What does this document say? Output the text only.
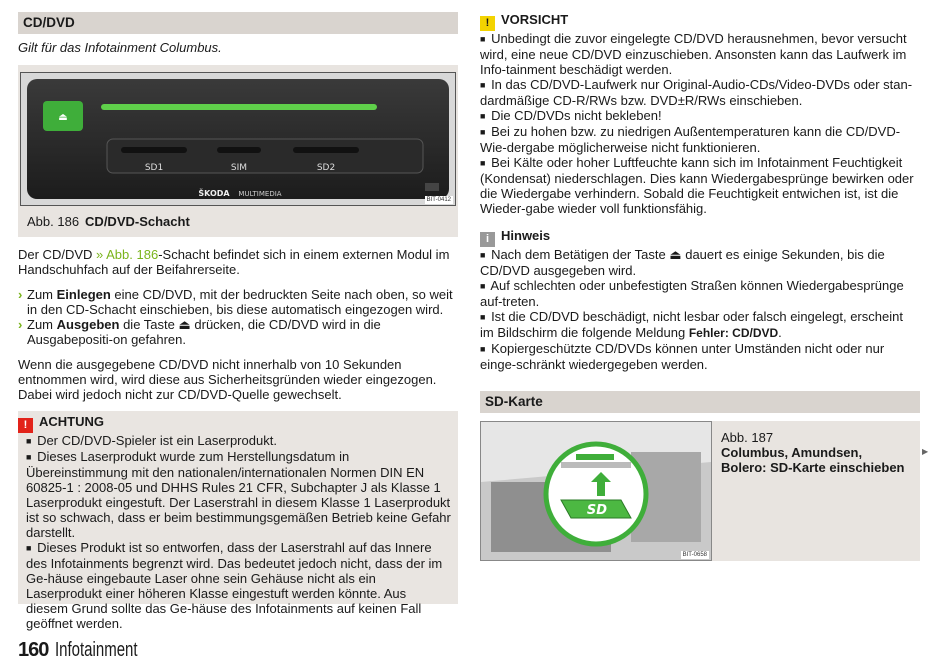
CD/DVD
Gilt für das Infotainment Columbus.
⏏
SD1	SIM	SD2
ŠKODA MULTIMEDIA
BIT-0412
Abb. 186 CD/DVD-Schacht

Der CD/DVD » Abb. 186-Schacht befindet sich in einem externen Modul im Handschuhfach auf der Beifahrerseite.

› Zum Einlegen eine CD/DVD, mit der bedruckten Seite nach oben, so weit in den CD-Schacht einschieben, bis diese automatisch eingezogen wird.
› Zum Ausgeben die Taste ⏏ drücken, die CD/DVD wird in die Ausgabepositi-on gefahren.

Wenn die ausgegebene CD/DVD nicht innerhalb von 10 Sekunden entnommen wird, wird diese aus Sicherheitsgründen wieder eingezogen. Dabei wird jedoch nicht zur CD/DVD-Quelle gewechselt.

! ACHTUNG
■ Der CD/DVD-Spieler ist ein Laserprodukt.
■ Dieses Laserprodukt wurde zum Herstellungsdatum in Übereinstimmung mit den nationalen/internationalen Normen DIN EN 60825-1 : 2008-05 und DHHS Rules 21 CFR, Subchapter J als Klasse 1 Laserprodukt eingestuft. Der Laserstrahl in diesem Klasse 1 Laserprodukt ist so schwach, dass er beim bestimmungsgemäßen Betrieb keine Gefahr darstellt.
■ Dieses Produkt ist so entworfen, dass der Laserstrahl auf das Innere des Infotainments begrenzt wird. Das bedeutet jedoch nicht, dass der im Ge-häuse eingebaute Laser ohne sein Gehäuse nicht als ein Laserprodukt einer höheren Klasse eingestuft werden könnte. Aus diesem Grund sollte das Ge-häuse des Infotainments auf keinen Fall geöffnet werden.
! VORSICHT
■ Unbedingt die zuvor eingelegte CD/DVD herausnehmen, bevor versucht wird, eine neue CD/DVD einzuschieben. Ansonsten kann das Laufwerk im Info-tainment beschädigt werden.
■ In das CD/DVD-Laufwerk nur Original-Audio-CDs/Video-DVDs oder stan-dardmäßige CD-R/RWs bzw. DVD±R/RWs einschieben.
■ Die CD/DVDs nicht bekleben!
■ Bei zu hohen bzw. zu niedrigen Außentemperaturen kann die CD/DVD-Wie-dergabe möglicherweise nicht funktionieren.
■ Bei Kälte oder hoher Luftfeuchte kann sich im Infotainment Feuchtigkeit (Kondensat) niederschlagen. Dies kann Wiedergabesprünge bewirken oder die Wiedergabe verhindern. Sobald die Feuchtigkeit entwichen ist, ist die Wieder-gabe wieder voll funktionsfähig.
i Hinweis
■ Nach dem Betätigen der Taste ⏏ dauert es einige Sekunden, bis die CD/DVD ausgegeben wird.
■ Auf schlechten oder unbefestigten Straßen können Wiedergabesprünge auf-treten.
■ Ist die CD/DVD beschädigt, nicht lesbar oder falsch eingelegt, erscheint im Bildschirm die folgende Meldung Fehler: CD/DVD.
■ Kopiergeschützte CD/DVDs können unter Umständen nicht oder nur einge-schränkt wiedergegeben werden.
SD-Karte
SD
BIT-0658
Abb. 187
Columbus, Amundsen, Bolero: SD-Karte einschieben
▶
160 Infotainment
